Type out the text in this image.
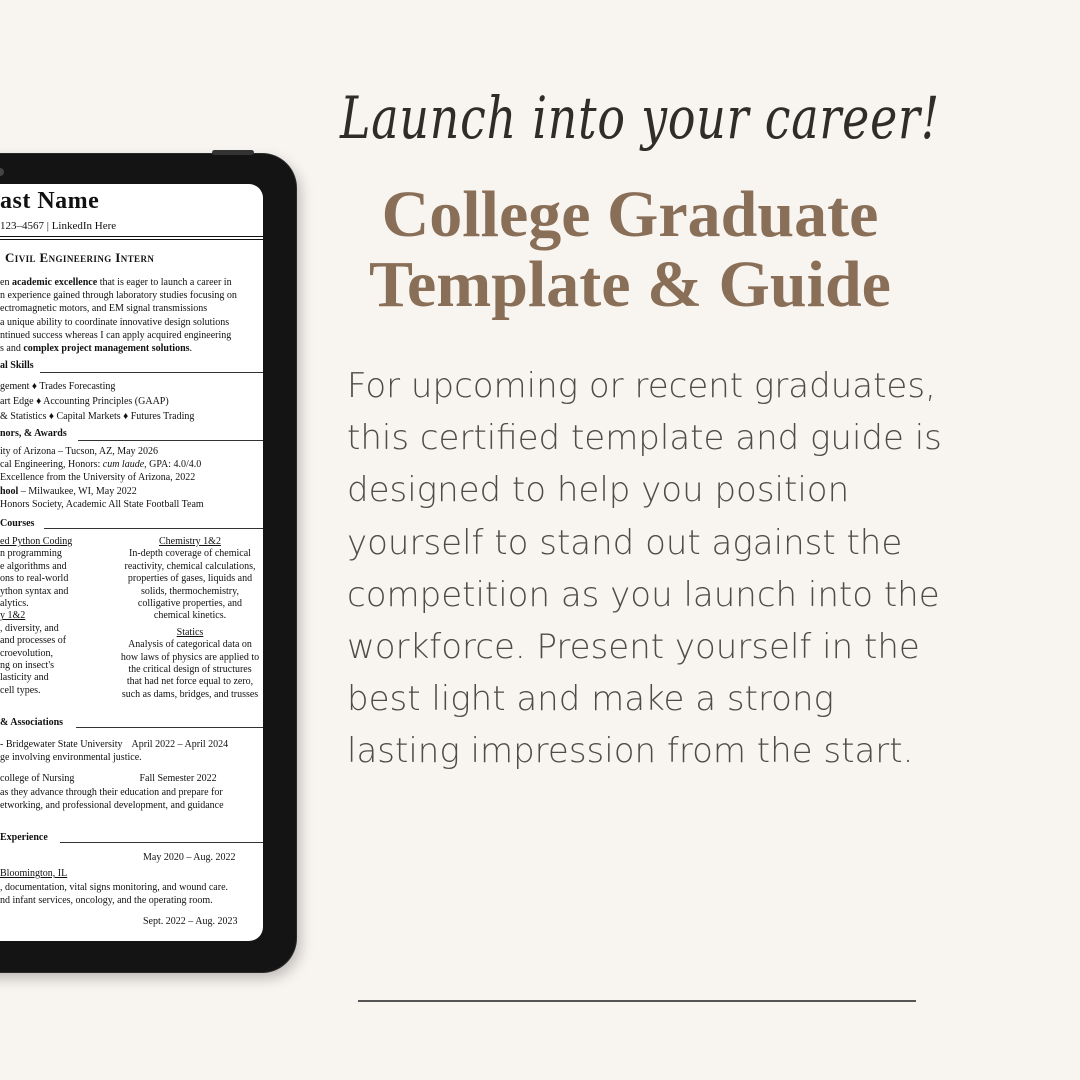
ast Name
123–4567 | LinkedIn Here
Civil Engineering Intern
en academic excellence that is eager to launch a career in
n experience gained through laboratory studies focusing on
ectromagnetic motors, and EM signal transmissions
a unique ability to coordinate innovative design solutions
ntinued success whereas I can apply acquired engineering
s and complex project management solutions.
al Skills
gement ♦ Trades Forecasting
art Edge ♦ Accounting Principles (GAAP)
& Statistics ♦ Capital Markets ♦ Futures Trading
nors, & Awards
ity of Arizona – Tucson, AZ, May 2026
cal Engineering, Honors: cum laude, GPA: 4.0/4.0
Excellence from the University of Arizona, 2022
hool – Milwaukee, WI, May 2022
Honors Society, Academic All State Football Team
Courses
ed Python Coding
n programming
e algorithms and
ons to real-world
ython syntax and
alytics.
y 1&2
, diversity, and
and processes of
croevolution,
ng on insect's
lasticity and
cell types.
Chemistry 1&2
In-depth coverage of chemical
reactivity, chemical calculations,
properties of gases, liquids and
solids, thermochemistry,
colligative properties, and
chemical kinetics.
Statics
Analysis of categorical data on
how laws of physics are applied to
the critical design of structures
that had net force equal to zero,
such as dams, bridges, and trusses
& Associations
- Bridgewater State University April 2022 – April 2024
ge involving environmental justice.
college of Nursing	Fall Semester 2022
as they advance through their education and prepare for
etworking, and professional development, and guidance
Experience
May 2020 – Aug. 2022
Bloomington, IL
, documentation, vital signs monitoring, and wound care.
nd infant services, oncology, and the operating room.
Sept. 2022 – Aug. 2023
Launch into your career!
College Graduate
Template & Guide
For upcoming or recent graduates, this certified template and guide is designed to help you position yourself to stand out against the competition as you launch into the workforce. Present yourself in the best light and make a strong lasting impression from the start.
